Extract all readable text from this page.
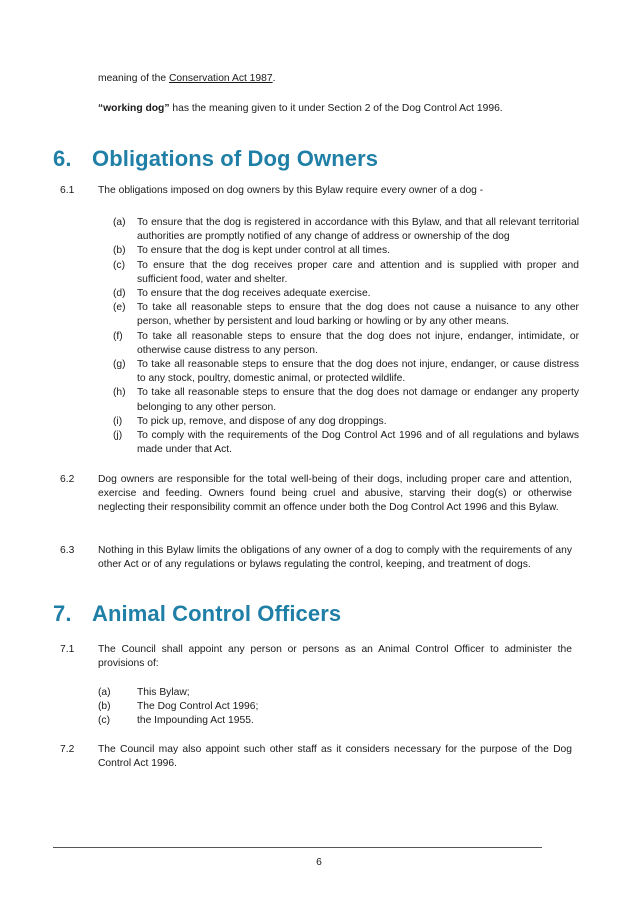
meaning of the Conservation Act 1987.

“working dog” has the meaning given to it under Section 2 of the Dog Control Act 1996.

6. Obligations of Dog Owners
6.1	The obligations imposed on dog owners by this Bylaw require every owner of a dog -
(a) To ensure that the dog is registered in accordance with this Bylaw, and that all relevant territorial authorities are promptly notified of any change of address or ownership of the dog
(b) To ensure that the dog is kept under control at all times.
(c) To ensure that the dog receives proper care and attention and is supplied with proper and sufficient food, water and shelter.
(d) To ensure that the dog receives adequate exercise.
(e) To take all reasonable steps to ensure that the dog does not cause a nuisance to any other person, whether by persistent and loud barking or howling or by any other means.
(f) To take all reasonable steps to ensure that the dog does not injure, endanger, intimidate, or otherwise cause distress to any person.
(g) To take all reasonable steps to ensure that the dog does not injure, endanger, or cause distress to any stock, poultry, domestic animal, or protected wildlife.
(h) To take all reasonable steps to ensure that the dog does not damage or endanger any property belonging to any other person.
(i) To pick up, remove, and dispose of any dog droppings.
(j) To comply with the requirements of the Dog Control Act 1996 and of all regulations and bylaws made under that Act.
6.2	Dog owners are responsible for the total well-being of their dogs, including proper care and attention, exercise and feeding. Owners found being cruel and abusive, starving their dog(s) or otherwise neglecting their responsibility commit an offence under both the Dog Control Act 1996 and this Bylaw.
6.3	Nothing in this Bylaw limits the obligations of any owner of a dog to comply with the requirements of any other Act or of any regulations or bylaws regulating the control, keeping, and treatment of dogs.
7. Animal Control Officers
7.1	The Council shall appoint any person or persons as an Animal Control Officer to administer the provisions of:
(a)	This Bylaw;
(b)	The Dog Control Act 1996;
(c)	the Impounding Act 1955.
7.2	The Council may also appoint such other staff as it considers necessary for the purpose of the Dog Control Act 1996.
6
